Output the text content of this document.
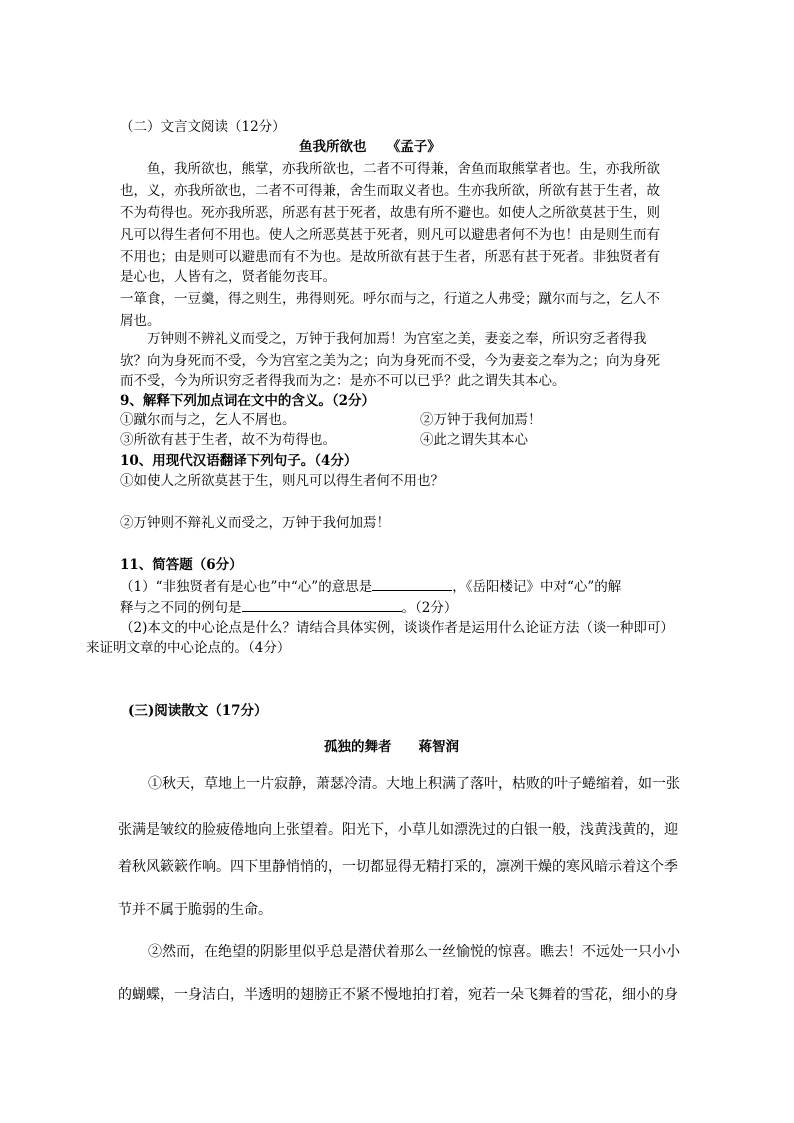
（二）文言文阅读（12分）
鱼我所欲也　　《孟子》
　　鱼，我所欲也，熊掌，亦我所欲也，二者不可得兼，舍鱼而取熊掌者也。生，亦我所欲
也，义，亦我所欲也，二者不可得兼，舍生而取义者也。生亦我所欲，所欲有甚于生者，故
不为苟得也。死亦我所恶，所恶有甚于死者，故患有所不避也。如使人之所欲莫甚于生，则
凡可以得生者何不用也。使人之所恶莫甚于死者，则凡可以避患者何不为也！由是则生而有
不用也；由是则可以避患而有不为也。是故所欲有甚于生者，所恶有甚于死者。非独贤者有
是心也，人皆有之，贤者能勿丧耳。
一箪食，一豆羹，得之则生，弗得则死。呼尔而与之，行道之人弗受；蹴尔而与之，乞人不
屑也。
　　万钟则不辨礼义而受之，万钟于我何加焉！为宫室之美，妻妾之奉，所识穷乏者得我
欤？向为身死而不受，今为宫室之美为之；向为身死而不受，今为妻妾之奉为之；向为身死
而不受，今为所识穷乏者得我而为之：是亦不可以已乎？此之谓失其本心。
9、解释下列加点词在文中的含义。（2分）
①蹴尔而与之，乞人不屑也。	②万钟于我何加焉！
③所欲有甚于生者，故不为苟得也。	④此之谓失其本心
10、用现代汉语翻译下列句子。（4分）
①如使人之所欲莫甚于生，则凡可以得生者何不用也？
②万钟则不辩礼义而受之，万钟于我何加焉！
11、简答题（6分）
（1）“非独贤者有是心也”中“心”的意思是	，《岳阳楼记》中对“心”的解
释与之不同的例句是	。（2分）
（2)本文的中心论点是什么？请结合具体实例，谈谈作者是运用什么论证方法（谈一种即可）
来证明文章的中心论点的。（4分）
(三)阅读散文（17分）
孤独的舞者　　蒋智润
①秋天，草地上一片寂静，萧瑟冷清。大地上积满了落叶，枯败的叶子蜷缩着，如一张
张满是皱纹的脸疲倦地向上张望着。阳光下，小草儿如漂洗过的白银一般，浅黄浅黄的，迎
着秋风簌簌作响。四下里静悄悄的，一切都显得无精打采的，凛冽干燥的寒风暗示着这个季
节并不属于脆弱的生命。
②然而，在绝望的阴影里似乎总是潜伏着那么一丝愉悦的惊喜。瞧去！不远处一只小小
的蝴蝶，一身洁白，半透明的翅膀正不紧不慢地拍打着，宛若一朵飞舞着的雪花，细小的身
